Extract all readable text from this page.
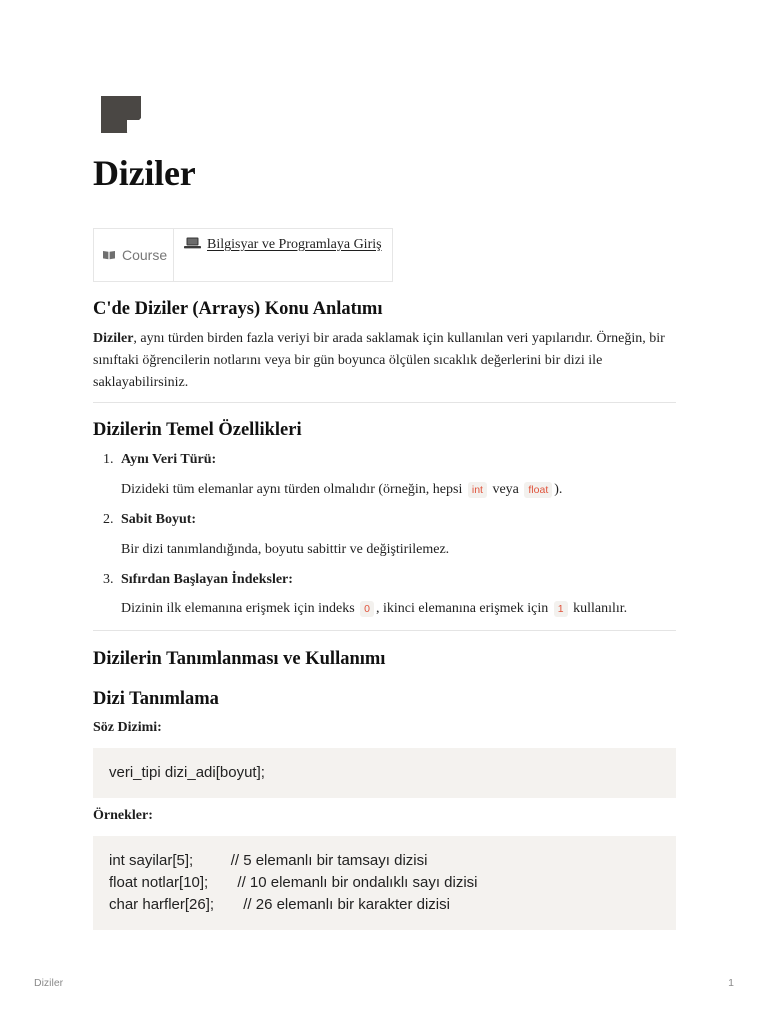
Diziler
Course
Bilgisyar ve Programlaya Giriş
C'de Diziler (Arrays) Konu Anlatımı

Diziler, aynı türden birden fazla veriyi bir arada saklamak için kullanılan veri yapılarıdır. Örneğin, bir sınıftaki öğrencilerin notlarını veya bir gün boyunca ölçülen sıcaklık değerlerini bir dizi ile saklayabilirsiniz.

Dizilerin Temel Özellikleri
1. Aynı Veri Türü:
Dizideki tüm elemanlar aynı türden olmalıdır (örneğin, hepsi int veya float ).
2. Sabit Boyut:
Bir dizi tanımlandığında, boyutu sabittir ve değiştirilemez.
3. Sıfırdan Başlayan İndeksler:
Dizinin ilk elemanına erişmek için indeks 0 , ikinci elemanına erişmek için 1 kullanılır.
Dizilerin Tanımlanması ve Kullanımı
Dizi Tanımlama
Söz Dizimi:
veri_tipi dizi_adi[boyut];
Örnekler:
int sayilar[5];         // 5 elemanlı bir tamsayı dizisi
float notlar[10];       // 10 elemanlı bir ondalıklı sayı dizisi
char harfler[26];       // 26 elemanlı bir karakter dizisi
Diziler	1
